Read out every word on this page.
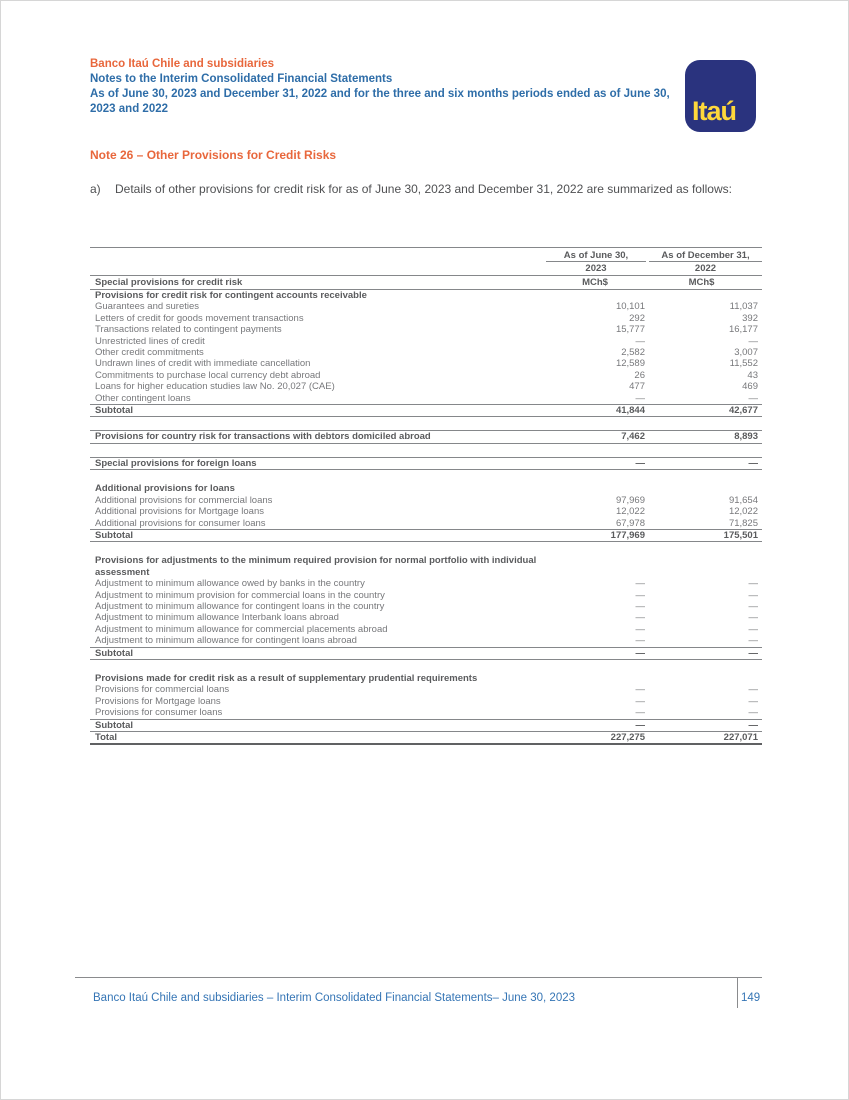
Banco Itaú Chile and subsidiaries
Notes to the Interim Consolidated Financial Statements
As of June 30, 2023 and December 31, 2022 and for the three and six months periods ended as of June 30, 2023 and 2022	Itaú
Note 26 – Other Provisions for Credit Risks
a) Details of other provisions for credit risk for as of June 30, 2023 and December 31, 2022 are summarized as follows:
As of June 30,	As of December 31,
2023	2022
Special provisions for credit risk	MCh$	MCh$
Provisions for credit risk for contingent accounts receivable
Guarantees and sureties	10,101	11,037
Letters of credit for goods movement transactions	292	392
Transactions related to contingent payments	15,777	16,177
Unrestricted lines of credit	—	—
Other credit commitments	2,582	3,007
Undrawn lines of credit with immediate cancellation	12,589	11,552
Commitments to purchase local currency debt abroad	26	43
Loans for higher education studies law No. 20,027 (CAE)	477	469
Other contingent loans	—	—
Subtotal	41,844	42,677
Provisions for country risk for transactions with debtors domiciled abroad	7,462	8,893
Special provisions for foreign loans	—	—
Additional provisions for loans
Additional provisions for commercial loans	97,969	91,654
Additional provisions for Mortgage loans	12,022	12,022
Additional provisions for consumer loans	67,978	71,825
Subtotal	177,969	175,501
Provisions for adjustments to the minimum required provision for normal portfolio with individual assessment
Adjustment to minimum allowance owed by banks in the country	—	—
Adjustment to minimum provision for commercial loans in the country	—	—
Adjustment to minimum allowance for contingent loans in the country	—	—
Adjustment to minimum allowance Interbank loans abroad	—	—
Adjustment to minimum allowance for commercial placements abroad	—	—
Adjustment to minimum allowance for contingent loans abroad	—	—
Subtotal	—	—
Provisions made for credit risk as a result of supplementary prudential requirements
Provisions for commercial loans	—	—
Provisions for Mortgage loans	—	—
Provisions for consumer loans	—	—
Subtotal	—	—
Total	227,275	227,071
Banco Itaú Chile and subsidiaries – Interim Consolidated Financial Statements– June 30, 2023	149
